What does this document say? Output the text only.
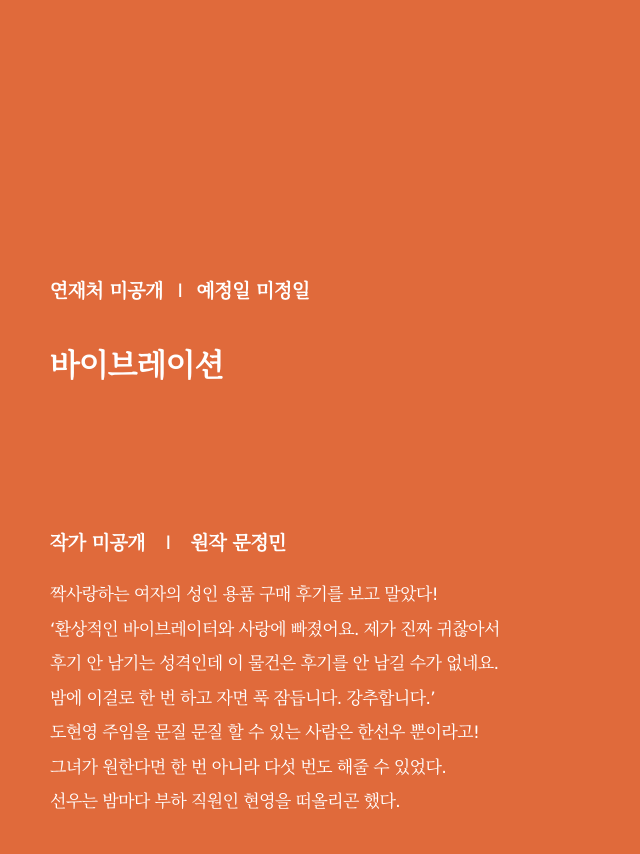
연재처 미공개 I 예정일 미정일
바이브레이션
작가 미공개 I 원작 문정민
짝사랑하는 여자의 성인 용품 구매 후기를 보고 말았다!
‘환상적인 바이브레이터와 사랑에 빠졌어요. 제가 진짜 귀찮아서
후기 안 남기는 성격인데 이 물건은 후기를 안 남길 수가 없네요.
밤에 이걸로 한 번 하고 자면 푹 잠듭니다. 강추합니다.’
도현영 주임을 문질 문질 할 수 있는 사람은 한선우 뿐이라고!
그녀가 원한다면 한 번 아니라 다섯 번도 해줄 수 있었다.
선우는 밤마다 부하 직원인 현영을 떠올리곤 했다.
